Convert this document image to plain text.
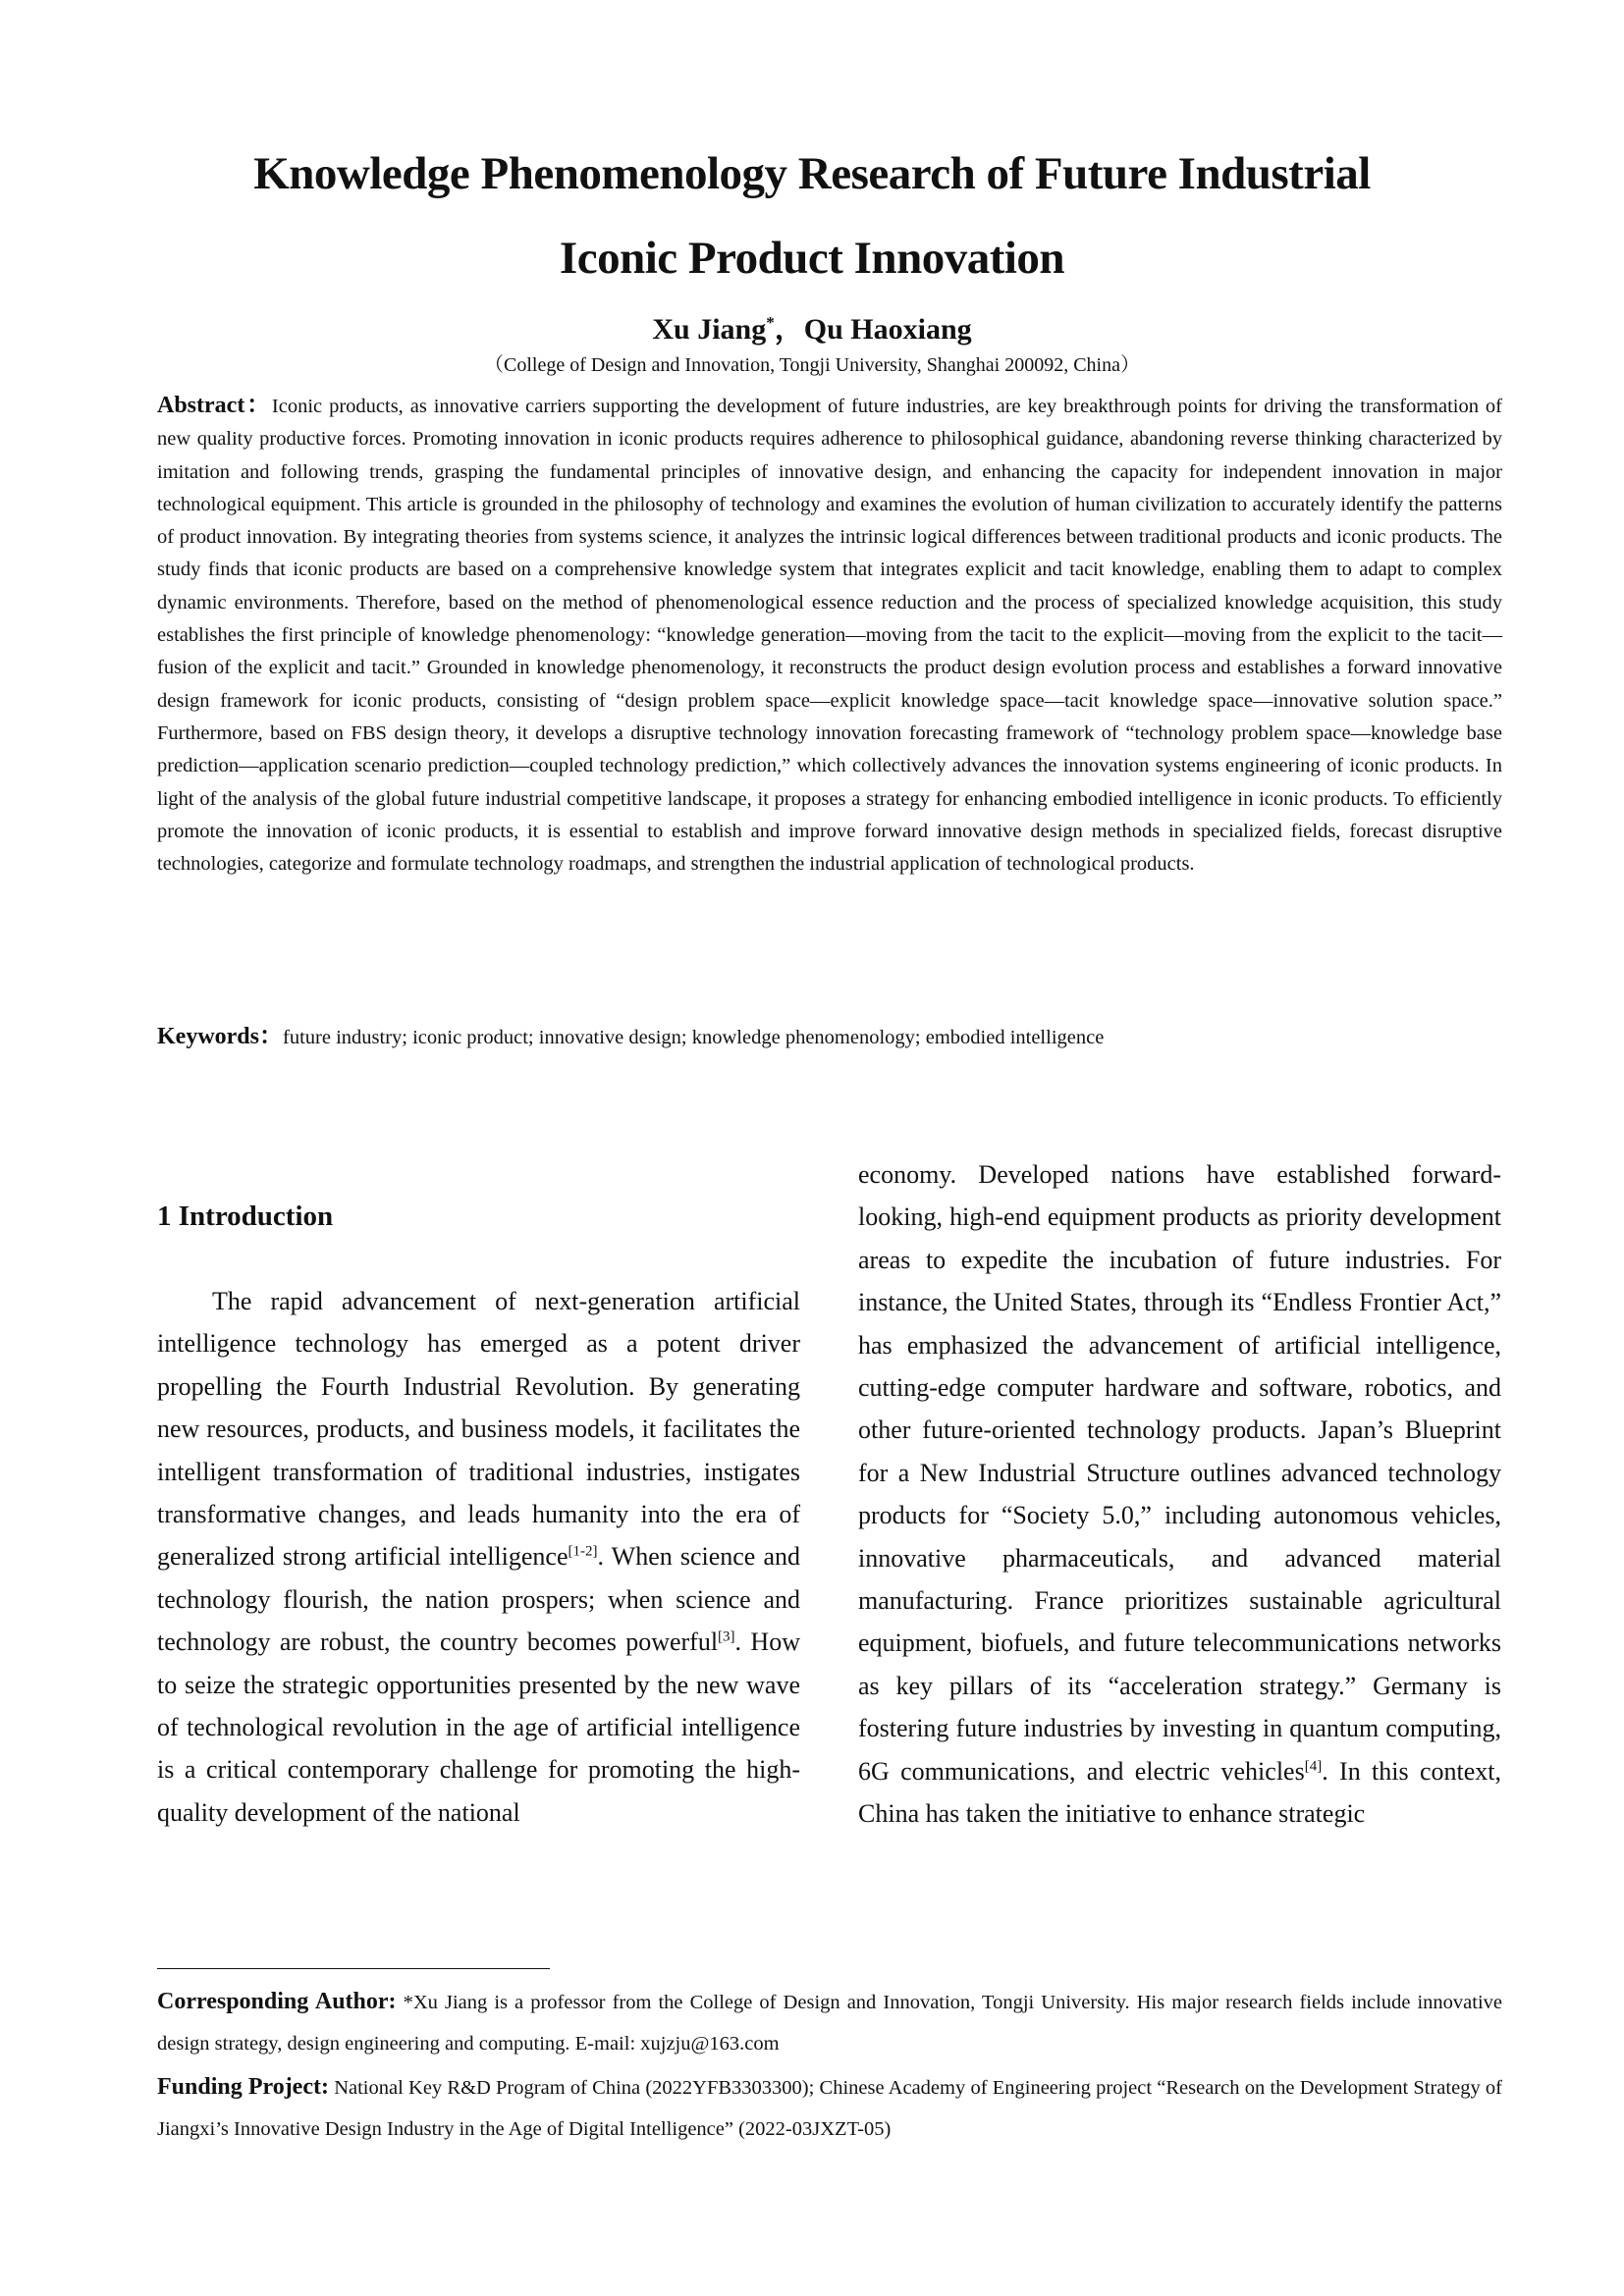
Knowledge Phenomenology Research of Future Industrial
Iconic Product Innovation
Xu Jiang*，Qu Haoxiang
（College of Design and Innovation, Tongji University, Shanghai 200092, China）
Abstract：Iconic products, as innovative carriers supporting the development of future industries, are key breakthrough points for driving the transformation of new quality productive forces. Promoting innovation in iconic products requires adherence to philosophical guidance, abandoning reverse thinking characterized by imitation and following trends, grasping the fundamental principles of innovative design, and enhancing the capacity for independent innovation in major technological equipment. This article is grounded in the philosophy of technology and examines the evolution of human civilization to accurately identify the patterns of product innovation. By integrating theories from systems science, it analyzes the intrinsic logical differences between traditional products and iconic products. The study finds that iconic products are based on a comprehensive knowledge system that integrates explicit and tacit knowledge, enabling them to adapt to complex dynamic environments. Therefore, based on the method of phenomenological essence reduction and the process of specialized knowledge acquisition, this study establishes the first principle of knowledge phenomenology: “knowledge generation—moving from the tacit to the explicit—moving from the explicit to the tacit—fusion of the explicit and tacit.” Grounded in knowledge phenomenology, it reconstructs the product design evolution process and establishes a forward innovative design framework for iconic products, consisting of “design problem space—explicit knowledge space—tacit knowledge space—innovative solution space.” Furthermore, based on FBS design theory, it develops a disruptive technology innovation forecasting framework of “technology problem space—knowledge base prediction—application scenario prediction—coupled technology prediction,” which collectively advances the innovation systems engineering of iconic products. In light of the analysis of the global future industrial competitive landscape, it proposes a strategy for enhancing embodied intelligence in iconic products. To efficiently promote the innovation of iconic products, it is essential to establish and improve forward innovative design methods in specialized fields, forecast disruptive technologies, categorize and formulate technology roadmaps, and strengthen the industrial application of technological products.
Keywords：future industry; iconic product; innovative design; knowledge phenomenology; embodied intelligence
1 Introduction

The rapid advancement of next-generation artificial intelligence technology has emerged as a potent driver propelling the Fourth Industrial Revolution. By generating new resources, products, and business models, it facilitates the intelligent transformation of traditional industries, instigates transformative changes, and leads humanity into the era of generalized strong artificial intelligence[1-2]. When science and technology flourish, the nation prospers; when science and technology are robust, the country becomes powerful[3]. How to seize the strategic opportunities presented by the new wave of technological revolution in the age of artificial intelligence is a critical contemporary challenge for promoting the high-quality development of the national

economy. Developed nations have established forward-looking, high-end equipment products as priority development areas to expedite the incubation of future industries. For instance, the United States, through its “Endless Frontier Act,” has emphasized the advancement of artificial intelligence, cutting-edge computer hardware and software, robotics, and other future-oriented technology products. Japan’s Blueprint for a New Industrial Structure outlines advanced technology products for “Society 5.0,” including autonomous vehicles, innovative pharmaceuticals, and advanced material manufacturing. France prioritizes sustainable agricultural equipment, biofuels, and future telecommunications networks as key pillars of its “acceleration strategy.” Germany is fostering future industries by investing in quantum computing, 6G communications, and electric vehicles[4]. In this context, China has taken the initiative to enhance strategic

Corresponding Author: *Xu Jiang is a professor from the College of Design and Innovation, Tongji University. His major research fields include innovative design strategy, design engineering and computing. E-mail: xujzju@163.com
Funding Project: National Key R&D Program of China (2022YFB3303300); Chinese Academy of Engineering project “Research on the Development Strategy of Jiangxi’s Innovative Design Industry in the Age of Digital Intelligence” (2022-03JXZT-05)
